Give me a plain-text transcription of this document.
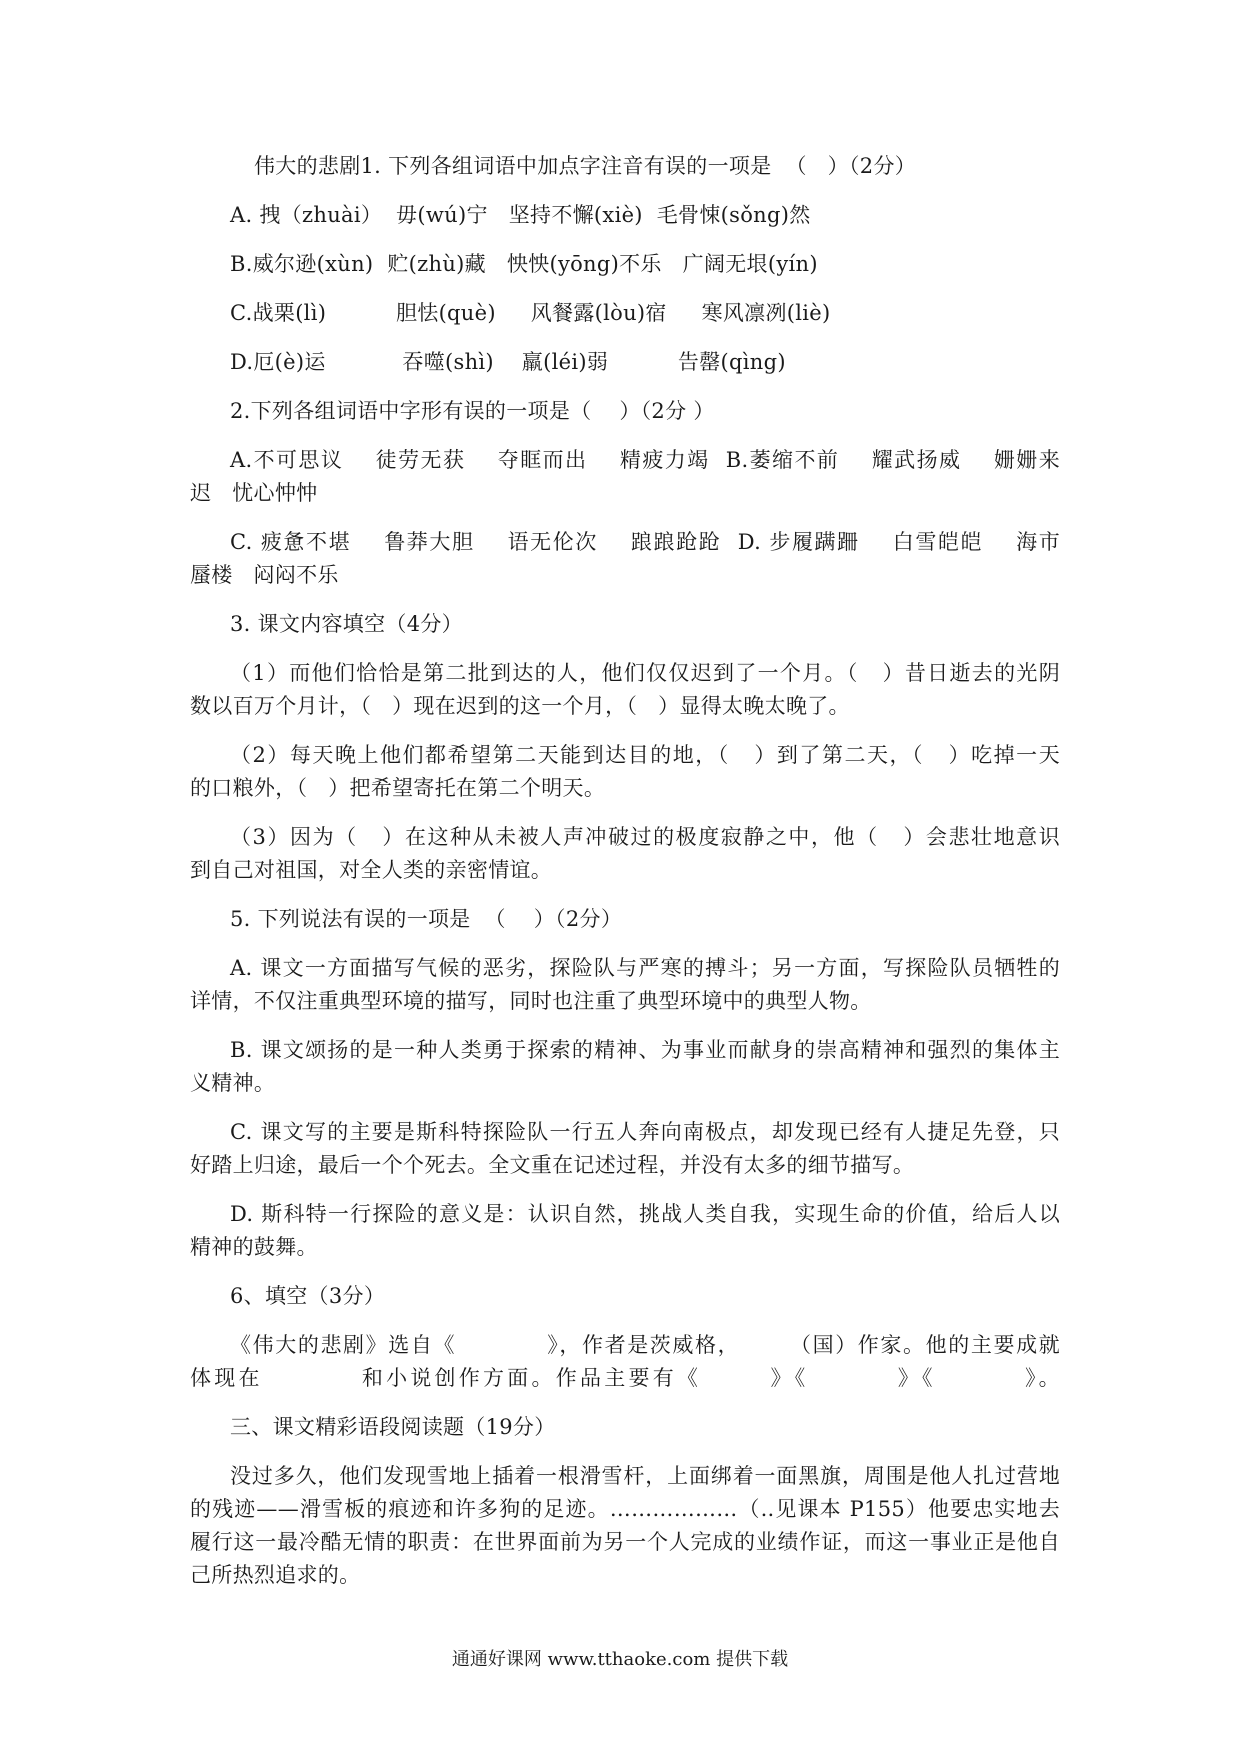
伟大的悲剧1. 下列各组词语中加点字注音有误的一项是  （   ）（2分）
A. 拽（zhuài）  毋(wú)宁   坚持不懈(xiè)  毛骨悚(sǒng)然
B.威尔逊(xùn)  贮(zhù)藏   怏怏(yōng)不乐   广阔无垠(yín)
C.战栗(lì)          胆怯(què)     风餐露(lòu)宿     寒风凛冽(liè)
D.厄(è)运           吞噬(shì)    羸(léi)弱          告罄(qìng)
2.下列各组词语中字形有误的一项是（    ）（2分 ）
A.不可思议    徒劳无获    夺眶而出    精疲力竭  B.萎缩不前    耀武扬威    姗姗来
迟   忧心忡忡
C. 疲惫不堪    鲁莽大胆    语无伦次    踉踉跄跄  D. 步履蹒跚    白雪皑皑    海市
蜃楼   闷闷不乐
3. 课文内容填空（4分）
（1）而他们恰恰是第二批到达的人，他们仅仅迟到了一个月。（   ）昔日逝去的光阴
数以百万个月计，（   ）现在迟到的这一个月，（   ）显得太晚太晚了。
（2）每天晚上他们都希望第二天能到达目的地，（   ）到了第二天，（   ）吃掉一天
的口粮外，（   ）把希望寄托在第二个明天。
（3）因为（   ）在这种从未被人声冲破过的极度寂静之中，他（   ）会悲壮地意识
到自己对祖国，对全人类的亲密情谊。
5. 下列说法有误的一项是  （    ）（2分）
A. 课文一方面描写气候的恶劣，探险队与严寒的搏斗；另一方面，写探险队员牺牲的
详情，不仅注重典型环境的描写，同时也注重了典型环境中的典型人物。
B. 课文颂扬的是一种人类勇于探索的精神、为事业而献身的崇高精神和强烈的集体主
义精神。
C. 课文写的主要是斯科特探险队一行五人奔向南极点，却发现已经有人捷足先登，只
好踏上归途，最后一个个死去。全文重在记述过程，并没有太多的细节描写。
D. 斯科特一行探险的意义是：认识自然，挑战人类自我，实现生命的价值，给后人以
精神的鼓舞。
6、填空（3分）
《伟大的悲剧》选自《           》，作者是茨威格，      （国）作家。他的主要成就
体现在          和小说创作方面。作品主要有《       》《         》《         》。
三、课文精彩语段阅读题（19分）
没过多久，他们发现雪地上插着一根滑雪杆，上面绑着一面黑旗，周围是他人扎过营地
的残迹——滑雪板的痕迹和许多狗的足迹。………………（..见课本 P155）他要忠实地去
履行这一最冷酷无情的职责：在世界面前为另一个人完成的业绩作证，而这一事业正是他自
己所热烈追求的。
通通好课网 www.tthaoke.com 提供下载
